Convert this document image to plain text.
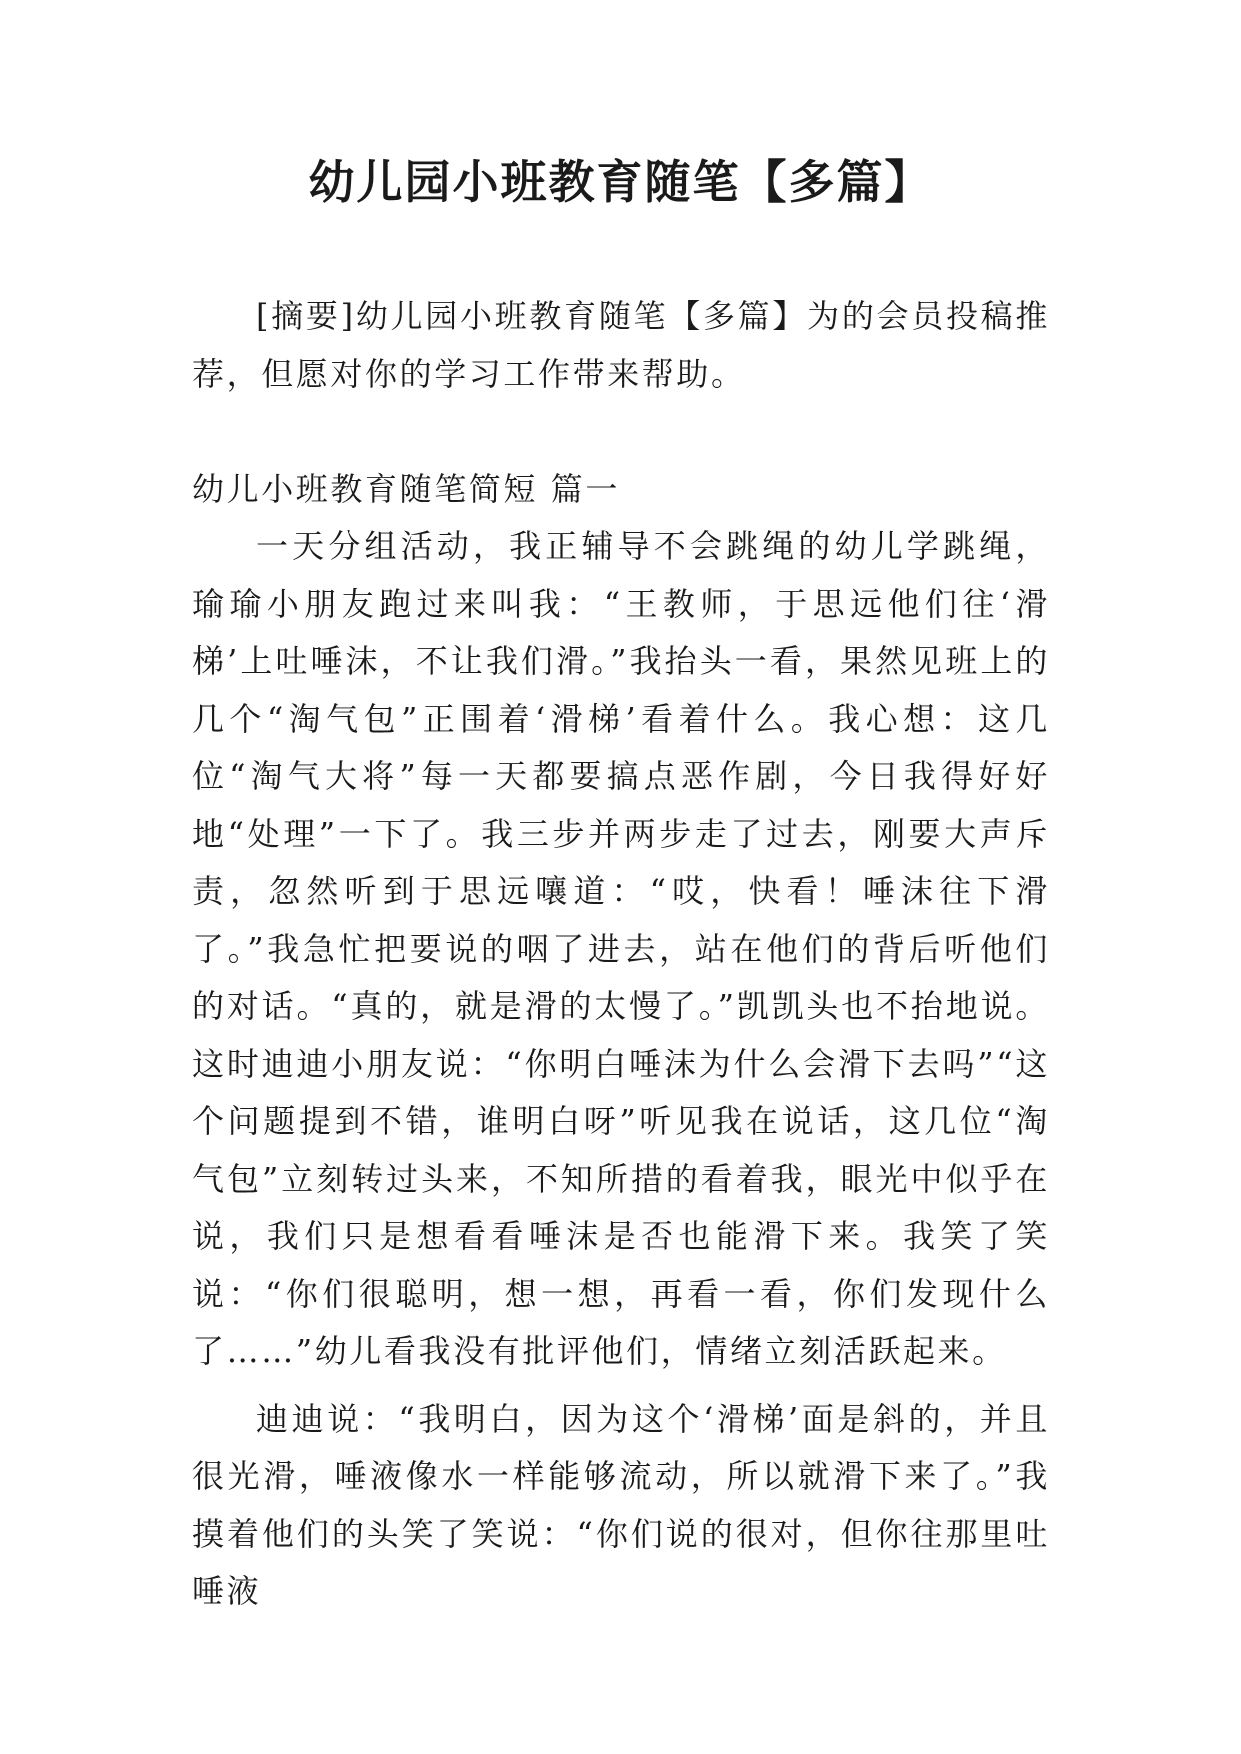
幼儿园小班教育随笔【多篇】

[摘要]幼儿园小班教育随笔【多篇】为的会员投稿推荐，但愿对你的学习工作带来帮助。

幼儿小班教育随笔简短 篇一

一天分组活动，我正辅导不会跳绳的幼儿学跳绳，瑜瑜小朋友跑过来叫我：“王教师，于思远他们往‘滑梯’上吐唾沫，不让我们滑。”我抬头一看，果然见班上的几个“淘气包”正围着‘滑梯’看着什么。我心想：这几位“淘气大将”每一天都要搞点恶作剧，今日我得好好地“处理”一下了。我三步并两步走了过去，刚要大声斥责，忽然听到于思远嚷道：“哎，快看！唾沫往下滑了。”我急忙把要说的咽了进去，站在他们的背后听他们的对话。“真的，就是滑的太慢了。”凯凯头也不抬地说。这时迪迪小朋友说：“你明白唾沫为什么会滑下去吗”“这个问题提到不错，谁明白呀”听见我在说话，这几位“淘气包”立刻转过头来，不知所措的看着我，眼光中似乎在说，我们只是想看看唾沫是否也能滑下来。我笑了笑说：“你们很聪明，想一想，再看一看，你们发现什么了……”幼儿看我没有批评他们，情绪立刻活跃起来。

迪迪说：“我明白，因为这个‘滑梯’面是斜的，并且很光滑，唾液像水一样能够流动，所以就滑下来了。”我摸着他们的头笑了笑说：“你们说的很对，但你往那里吐唾液
